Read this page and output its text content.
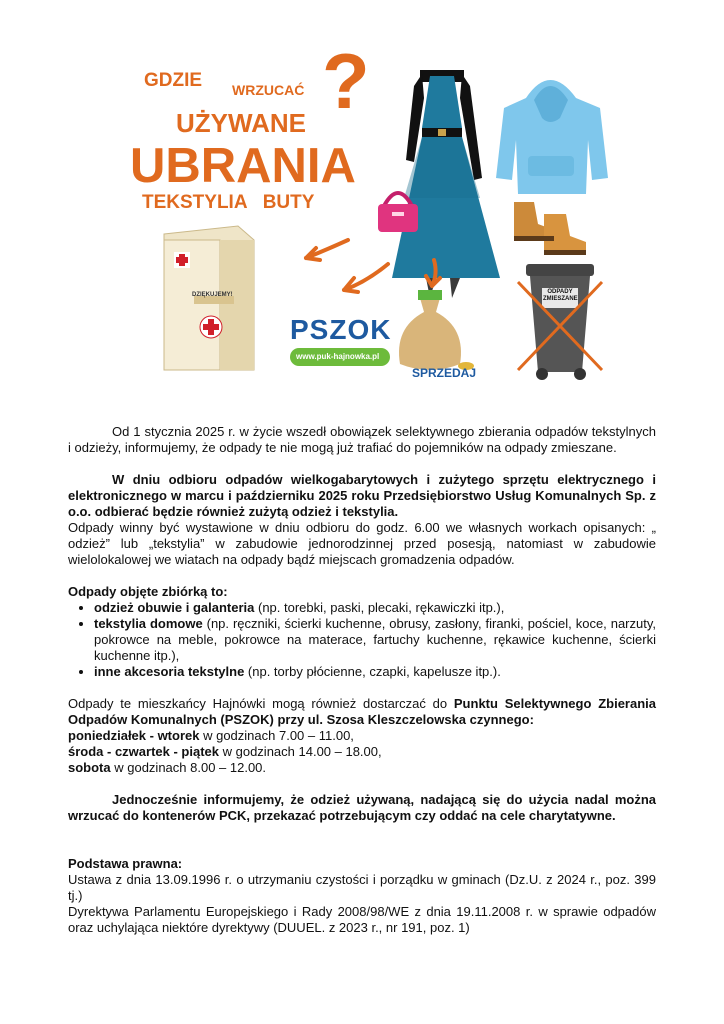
GDZIE WRZUCAĆ ?
UŻYWANE
UBRANIA
TEKSTYLIA   BUTY
DZIĘKUJEMY!
PSZOK
www.puk-hajnowka.pl
SPRZEDAJ
ODPADY ZMIESZANE

Od 1 stycznia 2025 r. w życie wszedł obowiązek selektywnego zbierania odpadów tekstylnych i odzieży, informujemy, że odpady te nie mogą już trafiać do pojemników na odpady zmieszane.

W dniu odbioru odpadów wielkogabarytowych i zużytego sprzętu elektrycznego i elektronicznego w marcu i październiku 2025 roku Przedsiębiorstwo Usług Komunalnych Sp. z o.o. odbierać będzie również zużytą odzież i tekstylia.

Odpady winny być wystawione w dniu odbioru do godz. 6.00 we własnych workach opisanych: „ odzież” lub „tekstylia” w zabudowie jednorodzinnej przed posesją, natomiast w zabudowie wielolokalowej we wiatach na odpady bądź miejscach gromadzenia odpadów.

Odpady objęte zbiórką to:

• odzież obuwie i galanteria (np. torebki, paski, plecaki, rękawiczki itp.),
• tekstylia domowe (np. ręczniki, ścierki kuchenne, obrusy, zasłony, firanki, pościel, koce, narzuty, pokrowce na meble, pokrowce na materace, fartuchy kuchenne, rękawice kuchenne, ścierki kuchenne itp.),
• inne akcesoria tekstylne (np. torby płócienne, czapki, kapelusze itp.).

Odpady te mieszkańcy Hajnówki mogą również dostarczać do Punktu Selektywnego Zbierania Odpadów Komunalnych (PSZOK) przy ul. Szosa Kleszczelowska czynnego:

poniedziałek - wtorek w godzinach 7.00 – 11.00,

środa - czwartek - piątek w godzinach 14.00 – 18.00,

sobota w godzinach 8.00 – 12.00.

Jednocześnie informujemy, że odzież używaną, nadającą się do użycia nadal można wrzucać do kontenerów PCK, przekazać potrzebującym czy oddać na cele charytatywne.

Podstawa prawna:

Ustawa z dnia 13.09.1996 r. o utrzymaniu czystości i porządku w gminach (Dz.U. z 2024 r., poz. 399 tj.)

Dyrektywa Parlamentu Europejskiego i Rady 2008/98/WE z dnia 19.11.2008 r. w sprawie odpadów oraz uchylająca niektóre dyrektywy (DUUEL. z 2023 r., nr 191, poz. 1)
